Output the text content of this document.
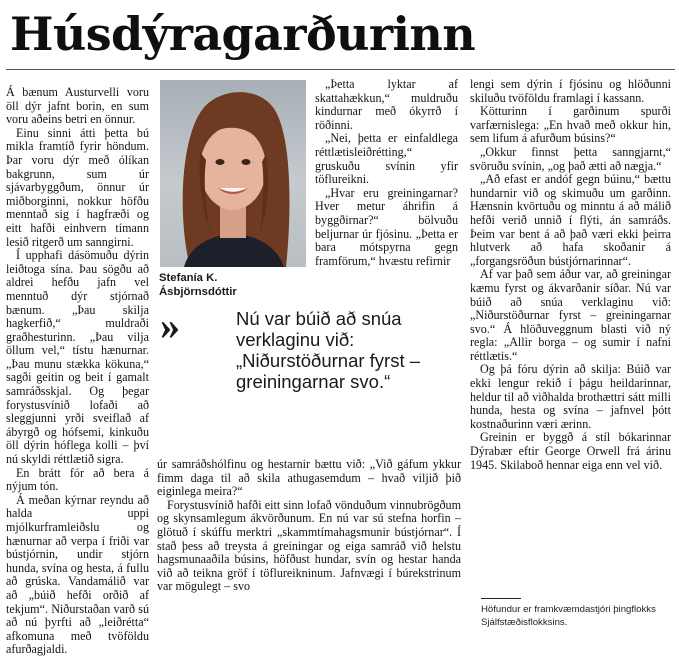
Húsdýragarðurinn

Á bænum Austurvelli voru öll dýr jafnt borin, en sum voru aðeins betri en önnur.

Einu sinni átti þetta bú mikla framtíð fyrir höndum. Þar voru dýr með ólíkan bakgrunn, sum úr sjávarbyggðum, önnur úr miðborginni, nokkur höfðu menntað sig í hagfræði og eitt hafði einhvern tímann lesið ritgerð um sanngirni.

Í upphafi dásömuðu dýrin leiðtoga sína. Þau sögðu að aldrei hefðu jafn vel menntuð dýr stjórnað bænum. „Þau skilja hagkerfið,“ muldraði graðhesturinn. „Þau vilja öllum vel,“ tístu hænurnar. „Þau munu stækka kökuna,“ sagði geitin og beit í gamalt samráðsskjal. Og þegar forystusvínið lofaði að sleggjunni yrði sveiflað af ábyrgð og hófsemi, kinkuðu öll dýrin hóflega kolli – því nú skyldi réttlætið sigra.

En brátt fór að bera á nýjum tón.

Á meðan kýrnar reyndu að halda uppi mjólkurframleiðslu og hænurnar að verpa í friði var bústjórnin, undir stjórn hunda, svína og hesta, á fullu að grúska. Vandamálið var að „búið hefði orðið af tekjum“. Niðurstaðan varð sú að nú þyrfti að „leiðrétta“ afkomuna með tvöföldu afurðagjaldi.

Stefanía K.
Ásbjörnsdóttir

„Þetta lyktar af skattahækkun,“ muldruðu kindurnar með ókyrrð í röðinni.

„Nei, þetta er einfaldlega réttlætisleiðrétting,“ gruskuðu svínin yfir töflureikni.

„Hvar eru greiningarnar? Hver metur áhrifin á byggðirnar?“ bölvuðu beljurnar úr fjósinu. „Þetta er bara mótspyrna gegn framförum,“ hvæstu refirnir

»	Nú var búið að snúa verklaginu við: „Niðurstöðurnar fyrst – greiningarnar svo.“

úr samráðshólfinu og hestarnir bættu við: „Við gáfum ykkur fimm daga til að skila athugasemdum – hvað viljið þið eiginlega meira?“

Forystusvínið hafði eitt sinn lofað vönduðum vinnubrögðum og skynsamlegum ákvörðunum. En nú var sú stefna horfin – glötuð í skúffu merktri „skammtímahagsmunir bústjórnar“. Í stað þess að treysta á greiningar og eiga samráð við helstu hagsmunaaðila búsins, höfðust hundar, svín og hestar handa við að teikna gröf í töflureikninum. Jafnvægi í búrekstrinum var mögulegt – svo

lengi sem dýrin í fjósinu og hlöðunni skiluðu tvöföldu framlagi í kassann.

Kötturinn í garðinum spurði varfærnislega: „En hvað með okkur hin, sem lifum á afurðum búsins?“

„Okkur finnst þetta sanngjarnt,“ svöruðu svínin, „og það ætti að nægja.“

„Að efast er andóf gegn búinu,“ bættu hundarnir við og skimuðu um garðinn. Hænsnin kvörtuðu og minntu á að málið hefði verið unnið í flýti, án samráðs. Þeim var bent á að það væri ekki þeirra hlutverk að hafa skoðanir á „forgangsröðun bústjórnarinnar“.

Af var það sem áður var, að greiningar kæmu fyrst og ákvarðanir síðar. Nú var búið að snúa verklaginu við: „Niðurstöðurnar fyrst – greiningarnar svo.“ Á hlöðuveggnum blasti við ný regla: „Allir borga – og sumir í nafni réttlætis.“

Og þá fóru dýrin að skilja: Búið var ekki lengur rekið í þágu heildarinnar, heldur til að viðhalda brothættri sátt milli hunda, hesta og svína – jafnvel þótt kostnaðurinn væri ærinn.

Greinin er byggð á stíl bókarinnar Dýrabær eftir George Orwell frá árinu 1945. Skilaboð hennar eiga enn vel við.

Höfundur er framkvæmdastjóri þingflokks Sjálfstæðisflokksins.
